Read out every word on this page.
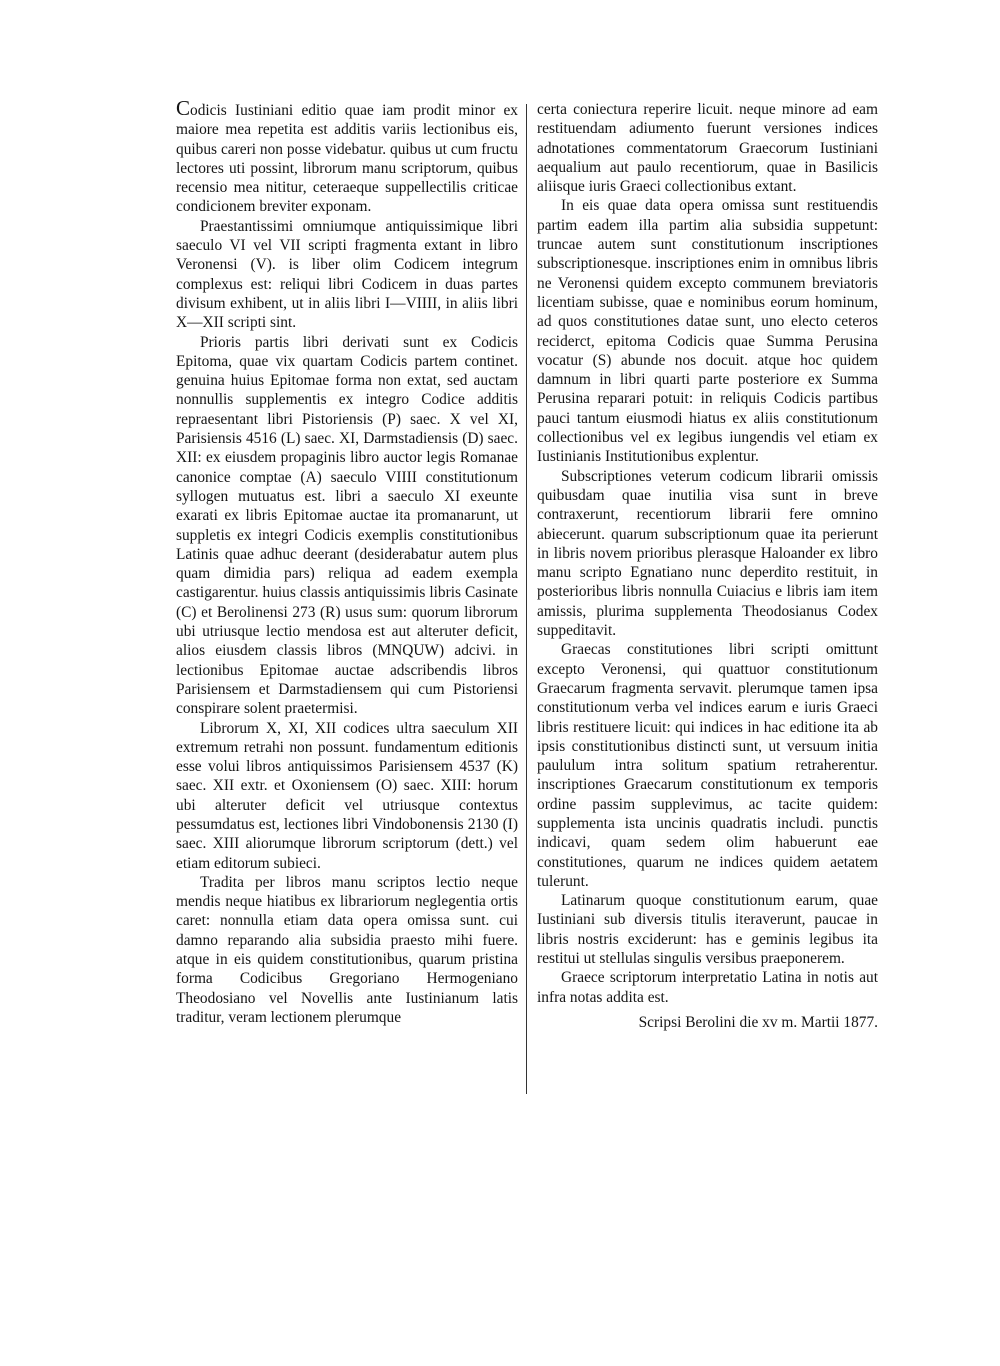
Codicis Iustiniani editio quae iam prodit minor ex maiore mea repetita est additis variis lectionibus eis, quibus careri non posse videbatur. quibus ut cum fructu lectores uti possint, librorum manu scriptorum, quibus recensio mea nititur, ceteraeque suppellectilis criticae condicionem breviter exponam.

Praestantissimi omniumque antiquissimique libri saeculo VI vel VII scripti fragmenta extant in libro Veronensi (V). is liber olim Codicem integrum complexus est: reliqui libri Codicem in duas partes divisum exhibent, ut in aliis libri I—VIIII, in aliis libri X—XII scripti sint.

Prioris partis libri derivati sunt ex Codicis Epitoma, quae vix quartam Codicis partem continet. genuina huius Epitomae forma non extat, sed auctam nonnullis supplementis ex integro Codice additis repraesentant libri Pistoriensis (P) saec. X vel XI, Parisiensis 4516 (L) saec. XI, Darmstadiensis (D) saec. XII: ex eiusdem propaginis libro auctor legis Romanae canonice comptae (A) saeculo VIIII constitutionum syllogen mutuatus est. libri a saeculo XI exeunte exarati ex libris Epitomae auctae ita promanarunt, ut suppletis ex integri Codicis exemplis constitutionibus Latinis quae adhuc deerant (desiderabatur autem plus quam dimidia pars) reliqua ad eadem exempla castigarentur. huius classis antiquissimis libris Casinate (C) et Berolinensi 273 (R) usus sum: quorum librorum ubi utriusque lectio mendosa est aut alteruter deficit, alios eiusdem classis libros (MNQUW) adcivi. in lectionibus Epitomae auctae adscribendis libros Parisiensem et Darmstadiensem qui cum Pistoriensi conspirare solent praetermisi.

Librorum X, XI, XII codices ultra saeculum XII extremum retrahi non possunt. fundamentum editionis esse volui libros antiquissimos Parisiensem 4537 (K) saec. XII extr. et Oxoniensem (O) saec. XIII: horum ubi alteruter deficit vel utriusque contextus pessumdatus est, lectiones libri Vindobonensis 2130 (I) saec. XIII aliorumque librorum scriptorum (dett.) vel etiam editorum subieci.

Tradita per libros manu scriptos lectio neque mendis neque hiatibus ex librariorum neglegentia ortis caret: nonnulla etiam data opera omissa sunt. cui damno reparando alia subsidia praesto mihi fuere. atque in eis quidem constitutionibus, quarum pristina forma Codicibus Gregoriano Hermogeniano Theodosiano vel Novellis ante Iustinianum latis traditur, veram lectionem plerumque

certa coniectura reperire licuit. neque minore ad eam restituendam adiumento fuerunt versiones indices adnotationes commentatorum Graecorum Iustiniani aequalium aut paulo recentiorum, quae in Basilicis aliisque iuris Graeci collectionibus extant.

In eis quae data opera omissa sunt restituendis partim eadem illa partim alia subsidia suppetunt: truncae autem sunt constitutionum inscriptiones subscriptionesque. inscriptiones enim in omnibus libris ne Veronensi quidem excepto communem breviatoris licentiam subisse, quae e nominibus eorum hominum, ad quos constitutiones datae sunt, uno electo ceteros reciderct, epitoma Codicis quae Summa Perusina vocatur (S) abunde nos docuit. atque hoc quidem damnum in libri quarti parte posteriore ex Summa Perusina reparari potuit: in reliquis Codicis partibus pauci tantum eiusmodi hiatus ex aliis constitutionum collectionibus vel ex legibus iungendis vel etiam ex Iustinianis Institutionibus explentur.

Subscriptiones veterum codicum librarii omissis quibusdam quae inutilia visa sunt in breve contraxerunt, recentiorum librarii fere omnino abiecerunt. quarum subscriptionum quae ita perierunt in libris novem prioribus plerasque Haloander ex libro manu scripto Egnatiano nunc deperdito restituit, in posterioribus libris nonnulla Cuiacius e libris iam item amissis, plurima supplementa Theodosianus Codex suppeditavit.

Graecas constitutiones libri scripti omittunt excepto Veronensi, qui quattuor constitutionum Graecarum fragmenta servavit. plerumque tamen ipsa constitutionum verba vel indices earum e iuris Graeci libris restituere licuit: qui indices in hac editione ita ab ipsis constitutionibus distincti sunt, ut versuum initia paululum intra solitum spatium retraherentur. inscriptiones Graecarum constitutionum ex temporis ordine passim supplevimus, ac tacite quidem: supplementa ista uncinis quadratis includi. punctis indicavi, quam sedem olim habuerunt eae constitutiones, quarum ne indices quidem aetatem tulerunt.

Latinarum quoque constitutionum earum, quae Iustiniani sub diversis titulis iteraverunt, paucae in libris nostris exciderunt: has e geminis legibus ita restitui ut stellulas singulis versibus praeponerem.

Graece scriptorum interpretatio Latina in notis aut infra notas addita est.

Scripsi Berolini die xv m. Martii 1877.
